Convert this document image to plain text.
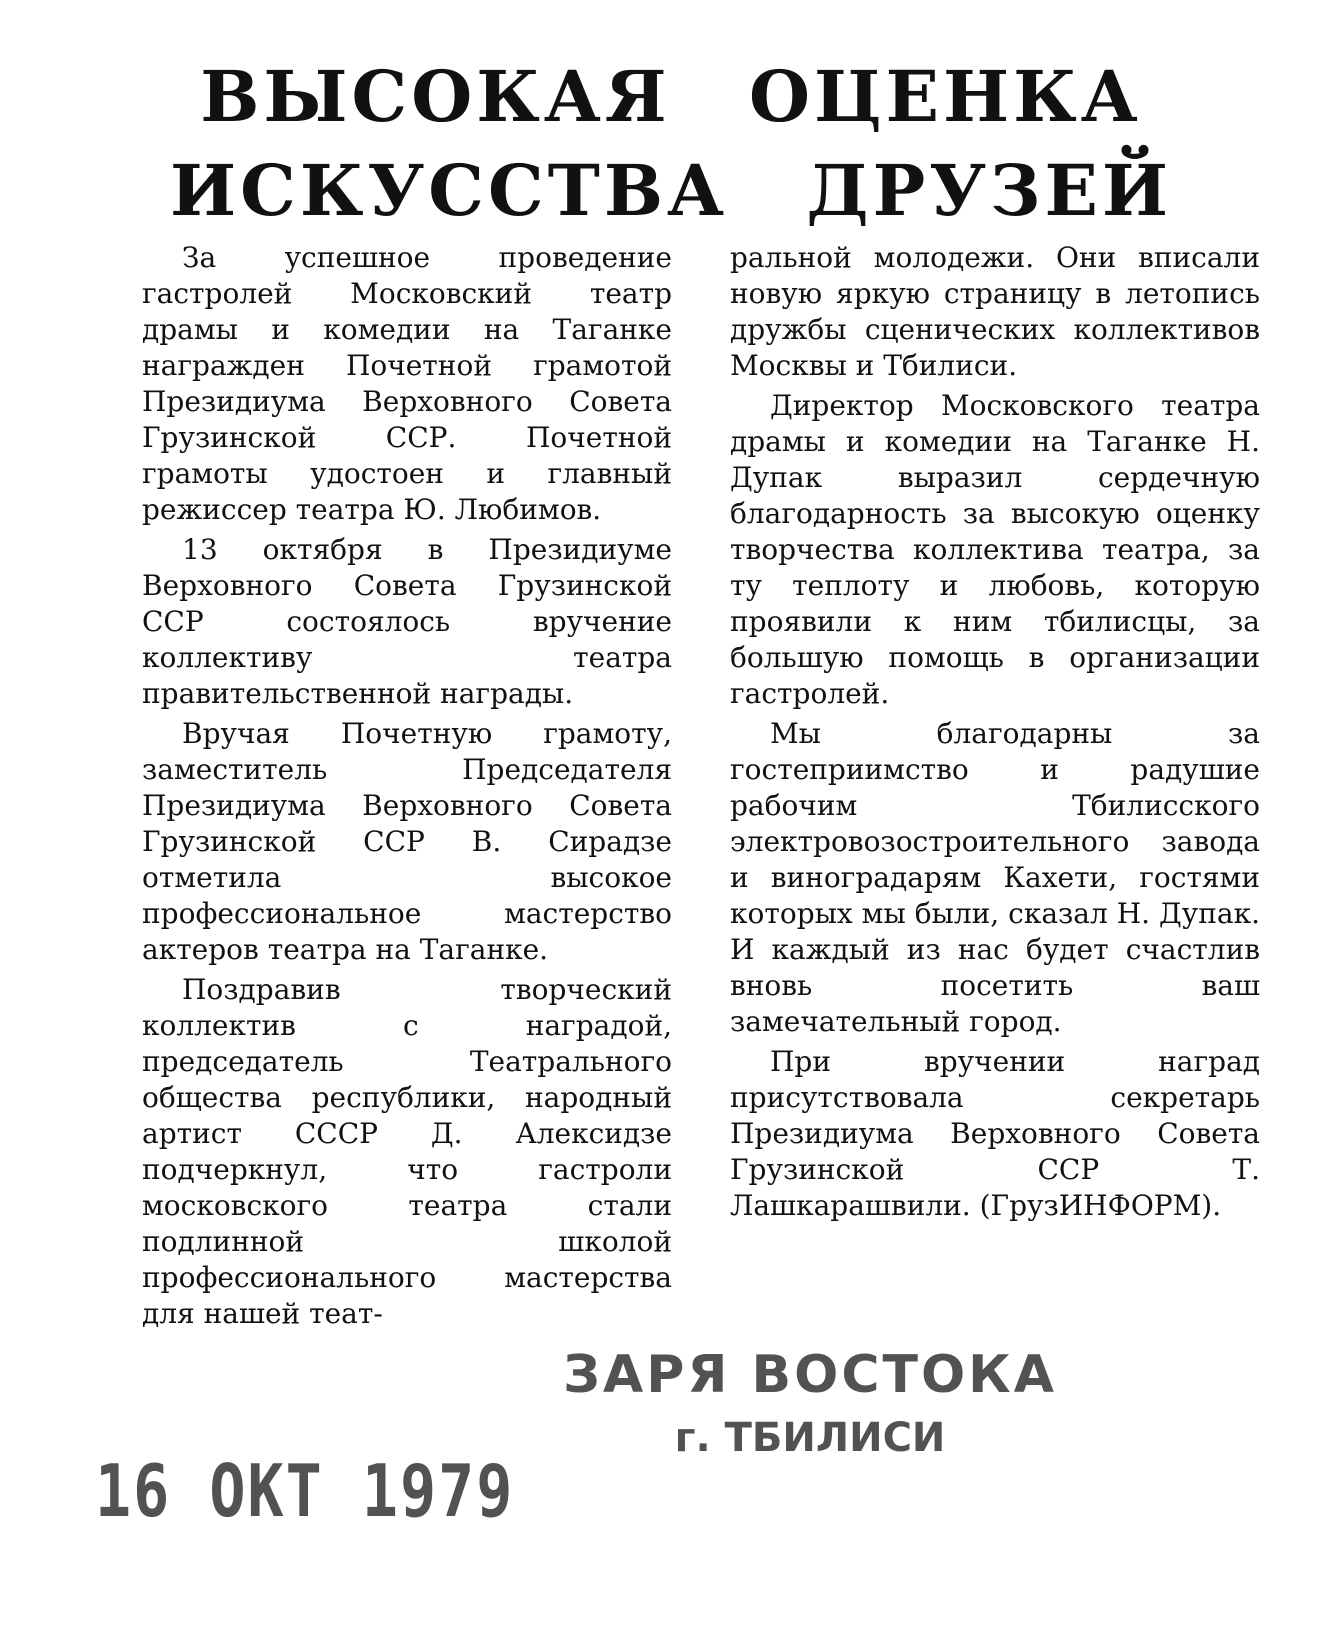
ВЫСОКАЯ ОЦЕНКА
ИСКУССТВА ДРУЗЕЙ

За успешное проведение гастролей Московский театр драмы и комедии на Таганке награжден Почетной грамотой Президиума Верховного Совета Грузинской ССР. Почетной грамоты удостоен и главный режиссер театра Ю. Любимов.

13 октября в Президиуме Верховного Совета Грузинской ССР состоялось вручение коллективу театра правительственной награды.

Вручая Почетную грамоту, заместитель Председателя Президиума Верховного Совета Грузинской ССР В. Сирадзе отметила высокое профессиональное мастерство актеров театра на Таганке.

Поздравив творческий коллектив с наградой, председатель Театрального общества республики, народный артист СССР Д. Алексидзе подчеркнул, что гастроли московского театра стали подлинной школой профессионального мастерства для нашей теат-

ральной молодежи. Они вписали новую яркую страницу в летопись дружбы сценических коллективов Москвы и Тбилиси.

Директор Московского театра драмы и комедии на Таганке Н. Дупак выразил сердечную благодарность за высокую оценку творчества коллектива театра, за ту теплоту и любовь, которую проявили к ним тбилисцы, за большую помощь в организации гастролей.

Мы благодарны за гостеприимство и радушие рабочим Тбилисского электровозостроительного завода и виноградарям Кахети, гостями которых мы были, сказал Н. Дупак. И каждый из нас будет счастлив вновь посетить ваш замечательный город.

При вручении наград присутствовала секретарь Президиума Верховного Совета Грузинской ССР Т. Лашкарашвили. (ГрузИНФОРМ).

ЗАРЯ ВОСТОКА
г. ТБИЛИСИ
16 ОКТ 1979
